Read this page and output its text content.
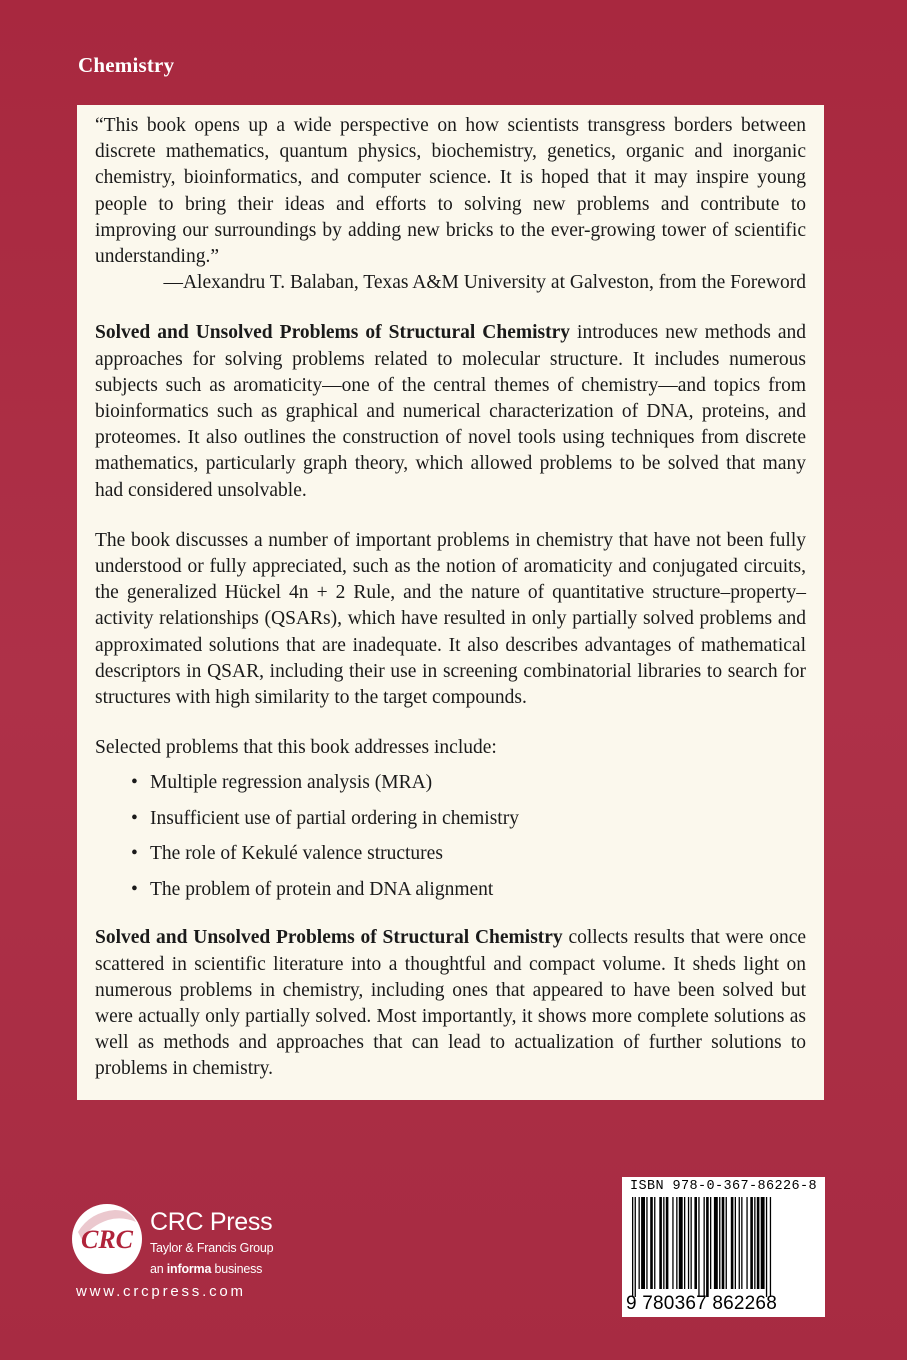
Chemistry

“This book opens up a wide perspective on how scientists transgress borders between discrete mathematics, quantum physics, biochemistry, genetics, organic and inorganic chemistry, bioinformatics, and computer science. It is hoped that it may inspire young people to bring their ideas and efforts to solving new problems and contribute to improving our surroundings by adding new bricks to the ever-growing tower of scientific understanding.”

—Alexandru T. Balaban, Texas A&M University at Galveston, from the Foreword

Solved and Unsolved Problems of Structural Chemistry introduces new methods and approaches for solving problems related to molecular structure. It includes numerous subjects such as aromaticity—one of the central themes of chemistry—and topics from bioinformatics such as graphical and numerical characterization of DNA, proteins, and proteomes. It also outlines the construction of novel tools using techniques from discrete mathematics, particularly graph theory, which allowed problems to be solved that many had considered unsolvable.

The book discusses a number of important problems in chemistry that have not been fully understood or fully appreciated, such as the notion of aromaticity and conjugated circuits, the generalized Hückel 4n + 2 Rule, and the nature of quantitative structure–property–activity relationships (QSARs), which have resulted in only partially solved problems and approximated solutions that are inadequate. It also describes advantages of mathematical descriptors in QSAR, including their use in screening combinatorial libraries to search for structures with high similarity to the target compounds.

Selected problems that this book addresses include:

• Multiple regression analysis (MRA)
• Insufficient use of partial ordering in chemistry
• The role of Kekulé valence structures
• The problem of protein and DNA alignment

Solved and Unsolved Problems of Structural Chemistry collects results that were once scattered in scientific literature into a thoughtful and compact volume. It sheds light on numerous problems in chemistry, including ones that appeared to have been solved but were actually only partially solved. Most importantly, it shows more complete solutions as well as methods and approaches that can lead to actualization of further solutions to problems in chemistry.

CRC
CRC Press
Taylor & Francis Group
an informa business
www.crcpress.com
ISBN 978-0-367-86226-8
9 780367 862268
